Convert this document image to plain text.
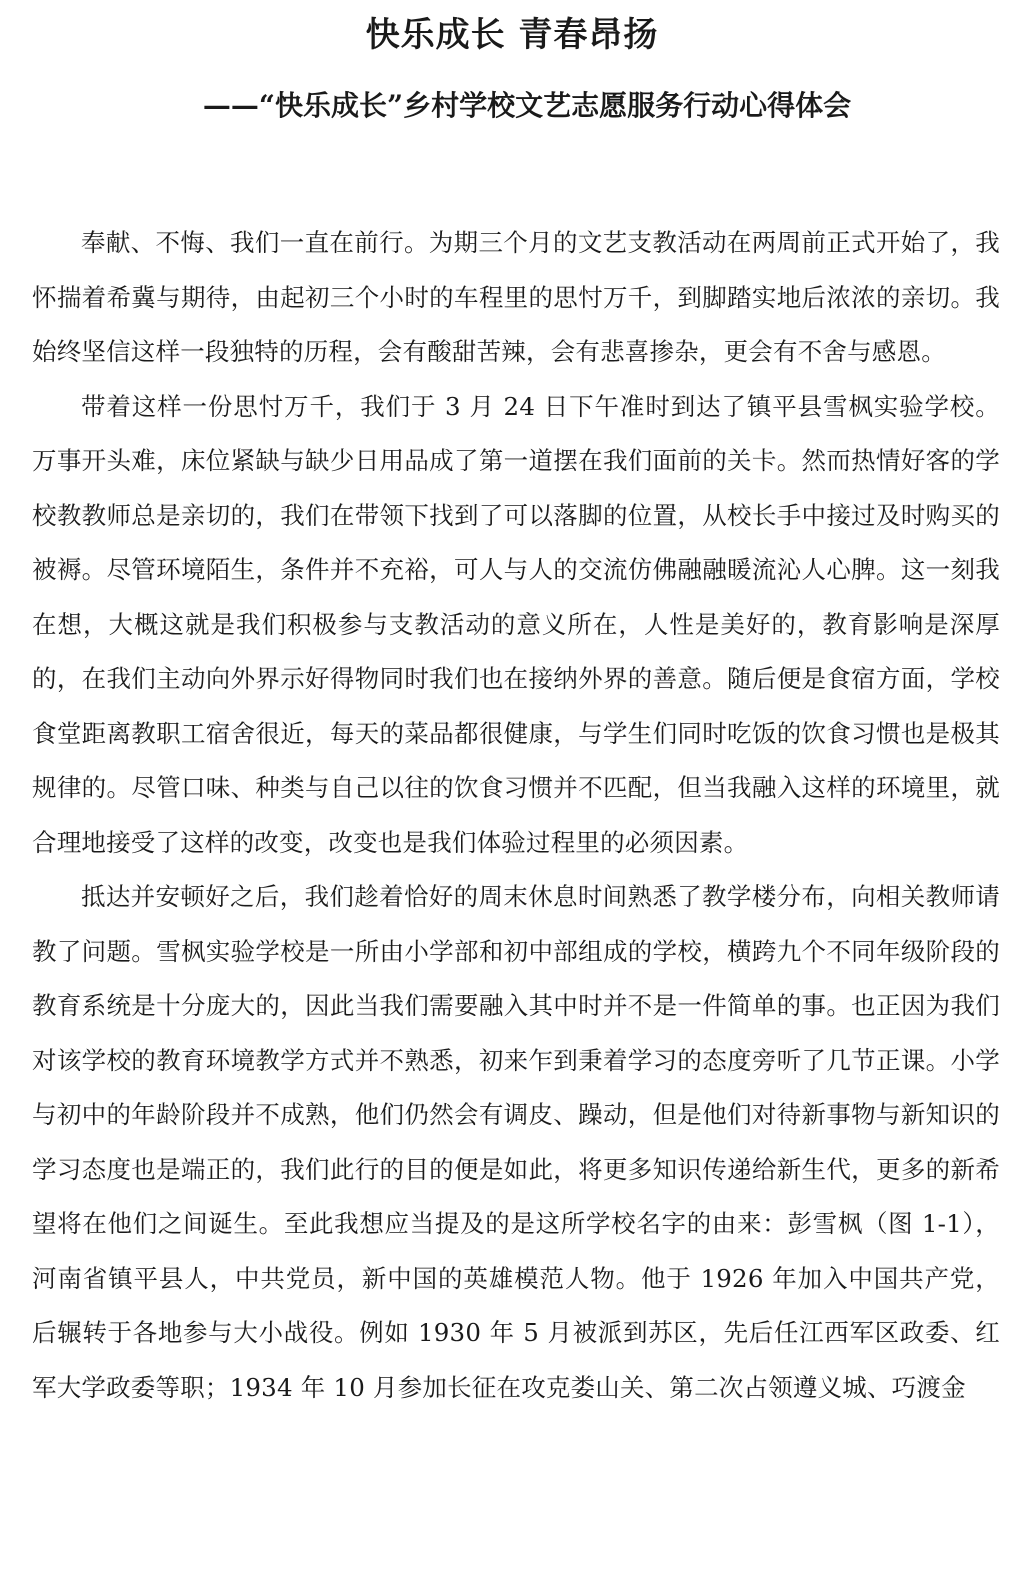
快乐成长 青春昂扬
——“快乐成长”乡村学校文艺志愿服务行动心得体会

奉献、不悔、我们一直在前行。为期三个月的文艺支教活动在两周前正式开始了，我怀揣着希冀与期待，由起初三个小时的车程里的思忖万千，到脚踏实地后浓浓的亲切。我始终坚信这样一段独特的历程，会有酸甜苦辣，会有悲喜掺杂，更会有不舍与感恩。

带着这样一份思忖万千，我们于 3 月 24 日下午准时到达了镇平县雪枫实验学校。万事开头难，床位紧缺与缺少日用品成了第一道摆在我们面前的关卡。然而热情好客的学校教教师总是亲切的，我们在带领下找到了可以落脚的位置，从校长手中接过及时购买的被褥。尽管环境陌生，条件并不充裕，可人与人的交流仿佛融融暖流沁人心脾。这一刻我在想，大概这就是我们积极参与支教活动的意义所在，人性是美好的，教育影响是深厚的，在我们主动向外界示好得物同时我们也在接纳外界的善意。随后便是食宿方面，学校食堂距离教职工宿舍很近，每天的菜品都很健康，与学生们同时吃饭的饮食习惯也是极其规律的。尽管口味、种类与自己以往的饮食习惯并不匹配，但当我融入这样的环境里，就合理地接受了这样的改变，改变也是我们体验过程里的必须因素。

抵达并安顿好之后，我们趁着恰好的周末休息时间熟悉了教学楼分布，向相关教师请教了问题。雪枫实验学校是一所由小学部和初中部组成的学校，横跨九个不同年级阶段的教育系统是十分庞大的，因此当我们需要融入其中时并不是一件简单的事。也正因为我们对该学校的教育环境教学方式并不熟悉，初来乍到秉着学习的态度旁听了几节正课。小学与初中的年龄阶段并不成熟，他们仍然会有调皮、躁动，但是他们对待新事物与新知识的学习态度也是端正的，我们此行的目的便是如此，将更多知识传递给新生代，更多的新希望将在他们之间诞生。至此我想应当提及的是这所学校名字的由来：彭雪枫（图 1-1），河南省镇平县人，中共党员，新中国的英雄模范人物。他于 1926 年加入中国共产党，后辗转于各地参与大小战役。例如 1930 年 5 月被派到苏区，先后任江西军区政委、红军大学政委等职；1934 年 10 月参加长征在攻克娄山关、第二次占领遵义城、巧渡金
